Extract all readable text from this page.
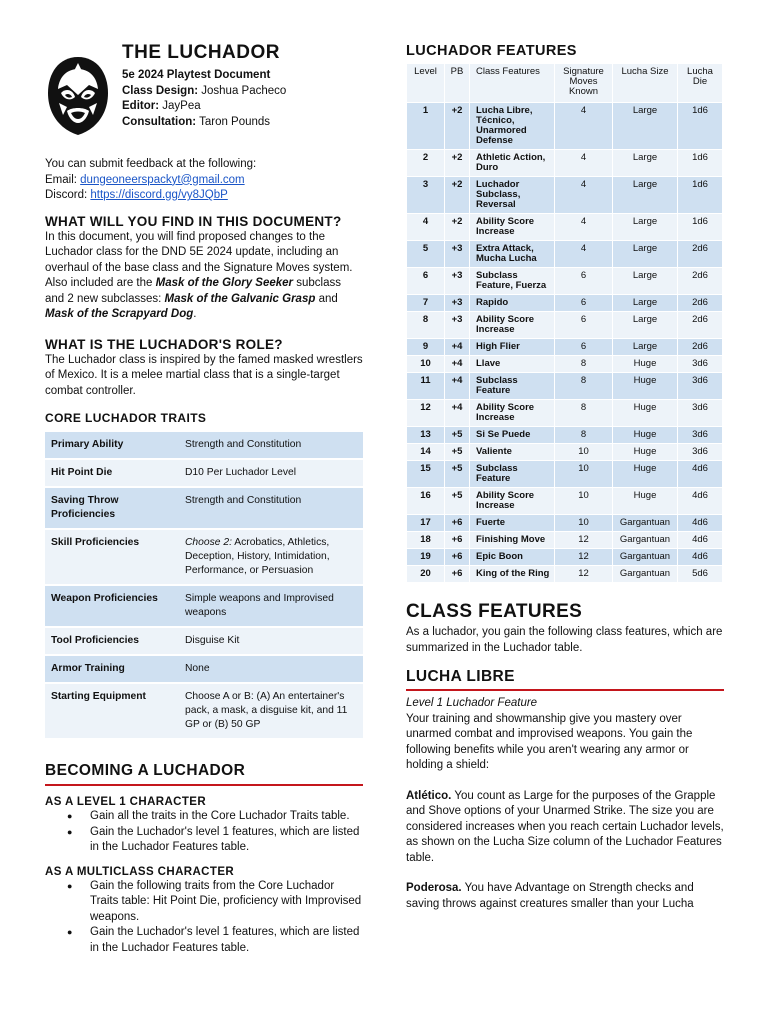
THE LUCHADOR
5e 2024 Playtest Document
Class Design: Joshua Pacheco
Editor: JayPea
Consultation: Taron Pounds
You can submit feedback at the following:
Email: dungeoneerspackyt@gmail.com
Discord: https://discord.gg/vy8JQbP
WHAT WILL YOU FIND IN THIS DOCUMENT?

In this document, you will find proposed changes to the Luchador class for the DND 5E 2024 update, including an overhaul of the base class and the Signature Moves system. Also included are the Mask of the Glory Seeker subclass and 2 new subclasses: Mask of the Galvanic Grasp and Mask of the Scrapyard Dog.

WHAT IS THE LUCHADOR'S ROLE?

The Luchador class is inspired by the famed masked wrestlers of Mexico. It is a melee martial class that is a single-target combat controller.

CORE LUCHADOR TRAITS
Primary Ability	Strength and Constitution
Hit Point Die	D10 Per Luchador Level
Saving Throw Proficiencies	Strength and Constitution
Skill Proficiencies	Choose 2: Acrobatics, Athletics, Deception, History, Intimidation, Performance, or Persuasion
Weapon Proficiencies	Simple weapons and Improvised weapons
Tool Proficiencies	Disguise Kit
Armor Training	None
Starting Equipment	Choose A or B: (A) An entertainer's pack, a mask, a disguise kit, and 11 GP or (B) 50 GP
BECOMING A LUCHADOR
AS A LEVEL 1 CHARACTER
● Gain all the traits in the Core Luchador Traits table.
● Gain the Luchador's level 1 features, which are listed in the Luchador Features table.
AS A MULTICLASS CHARACTER
● Gain the following traits from the Core Luchador Traits table: Hit Point Die, proficiency with Improvised weapons.
● Gain the Luchador's level 1 features, which are listed in the Luchador Features table.
LUCHADOR FEATURES
Level	PB	Class Features	Signature Moves Known	Lucha Size	Lucha Die
1	+2	Lucha Libre, Técnico, Unarmored Defense	4	Large	1d6
2	+2	Athletic Action, Duro	4	Large	1d6
3	+2	Luchador Subclass, Reversal	4	Large	1d6
4	+2	Ability Score Increase	4	Large	1d6
5	+3	Extra Attack, Mucha Lucha	4	Large	2d6
6	+3	Subclass Feature, Fuerza	6	Large	2d6
7	+3	Rapido	6	Large	2d6
8	+3	Ability Score Increase	6	Large	2d6
9	+4	High Flier	6	Large	2d6
10	+4	Llave	8	Huge	3d6
11	+4	Subclass Feature	8	Huge	3d6
12	+4	Ability Score Increase	8	Huge	3d6
13	+5	Si Se Puede	8	Huge	3d6
14	+5	Valiente	10	Huge	3d6
15	+5	Subclass Feature	10	Huge	4d6
16	+5	Ability Score Increase	10	Huge	4d6
17	+6	Fuerte	10	Gargantuan	4d6
18	+6	Finishing Move	12	Gargantuan	4d6
19	+6	Epic Boon	12	Gargantuan	4d6
20	+6	King of the Ring	12	Gargantuan	5d6
CLASS FEATURES

As a luchador, you gain the following class features, which are summarized in the Luchador table.

LUCHA LIBRE
Level 1 Luchador Feature

Your training and showmanship give you mastery over unarmed combat and improvised weapons. You gain the following benefits while you aren't wearing any armor or holding a shield:

Atlético. You count as Large for the purposes of the Grapple and Shove options of your Unarmed Strike. The size you are considered increases when you reach certain Luchador levels, as shown on the Lucha Size column of the Luchador Features table.

Poderosa. You have Advantage on Strength checks and saving throws against creatures smaller than your Lucha
